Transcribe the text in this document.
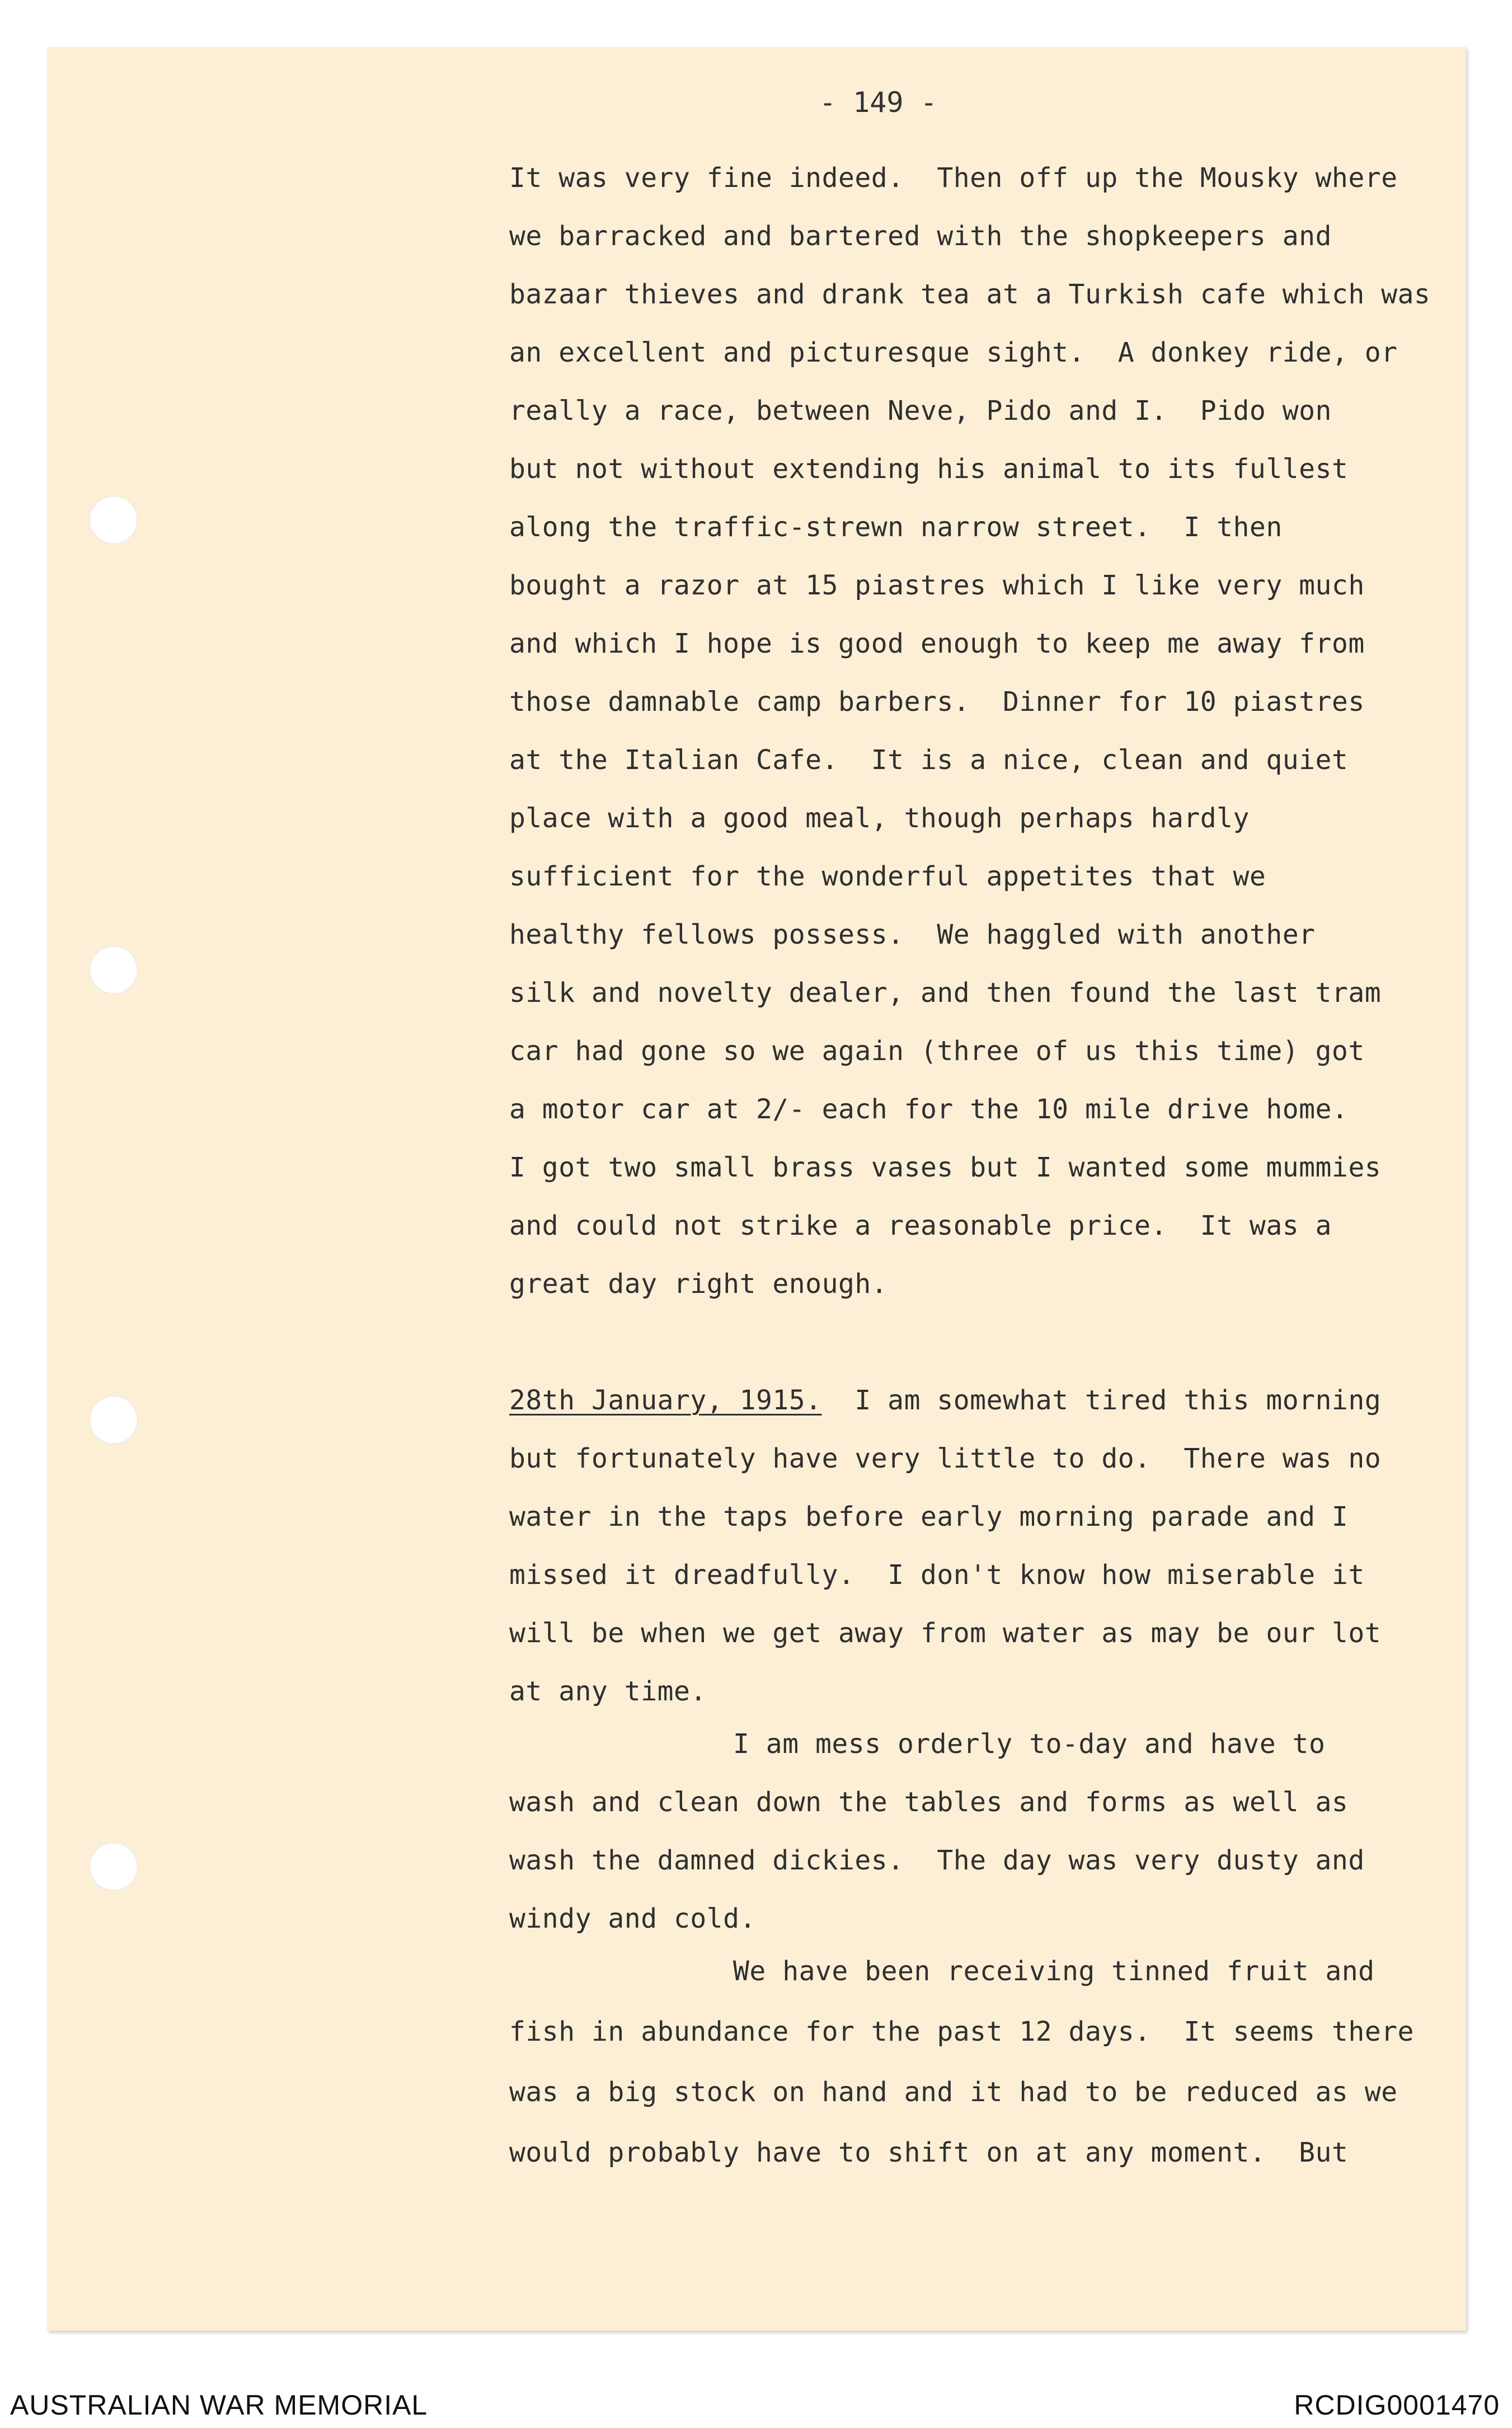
- 149 -

It was very fine indeed.  Then off up the Mousky where

we barracked and bartered with the shopkeepers and

bazaar thieves and drank tea at a Turkish cafe which was

an excellent and picturesque sight.  A donkey ride, or

really a race, between Neve, Pido and I.  Pido won

but not without extending his animal to its fullest

along the traffic-strewn narrow street.  I then

bought a razor at 15 piastres which I like very much

and which I hope is good enough to keep me away from

those damnable camp barbers.  Dinner for 10 piastres

at the Italian Cafe.  It is a nice, clean and quiet

place with a good meal, though perhaps hardly

sufficient for the wonderful appetites that we

healthy fellows possess.  We haggled with another

silk and novelty dealer, and then found the last tram

car had gone so we again (three of us this time) got

a motor car at 2/- each for the 10 mile drive home.

I got two small brass vases but I wanted some mummies

and could not strike a reasonable price.  It was a

great day right enough.

28th January, 1915.  I am somewhat tired this morning

but fortunately have very little to do.  There was no

water in the taps before early morning parade and I

missed it dreadfully.  I don't know how miserable it

will be when we get away from water as may be our lot

at any time.

I am mess orderly to-day and have to

wash and clean down the tables and forms as well as

wash the damned dickies.  The day was very dusty and

windy and cold.

We have been receiving tinned fruit and

fish in abundance for the past 12 days.  It seems there

was a big stock on hand and it had to be reduced as we

would probably have to shift on at any moment.  But

AUSTRALIAN WAR MEMORIAL	RCDIG0001470
